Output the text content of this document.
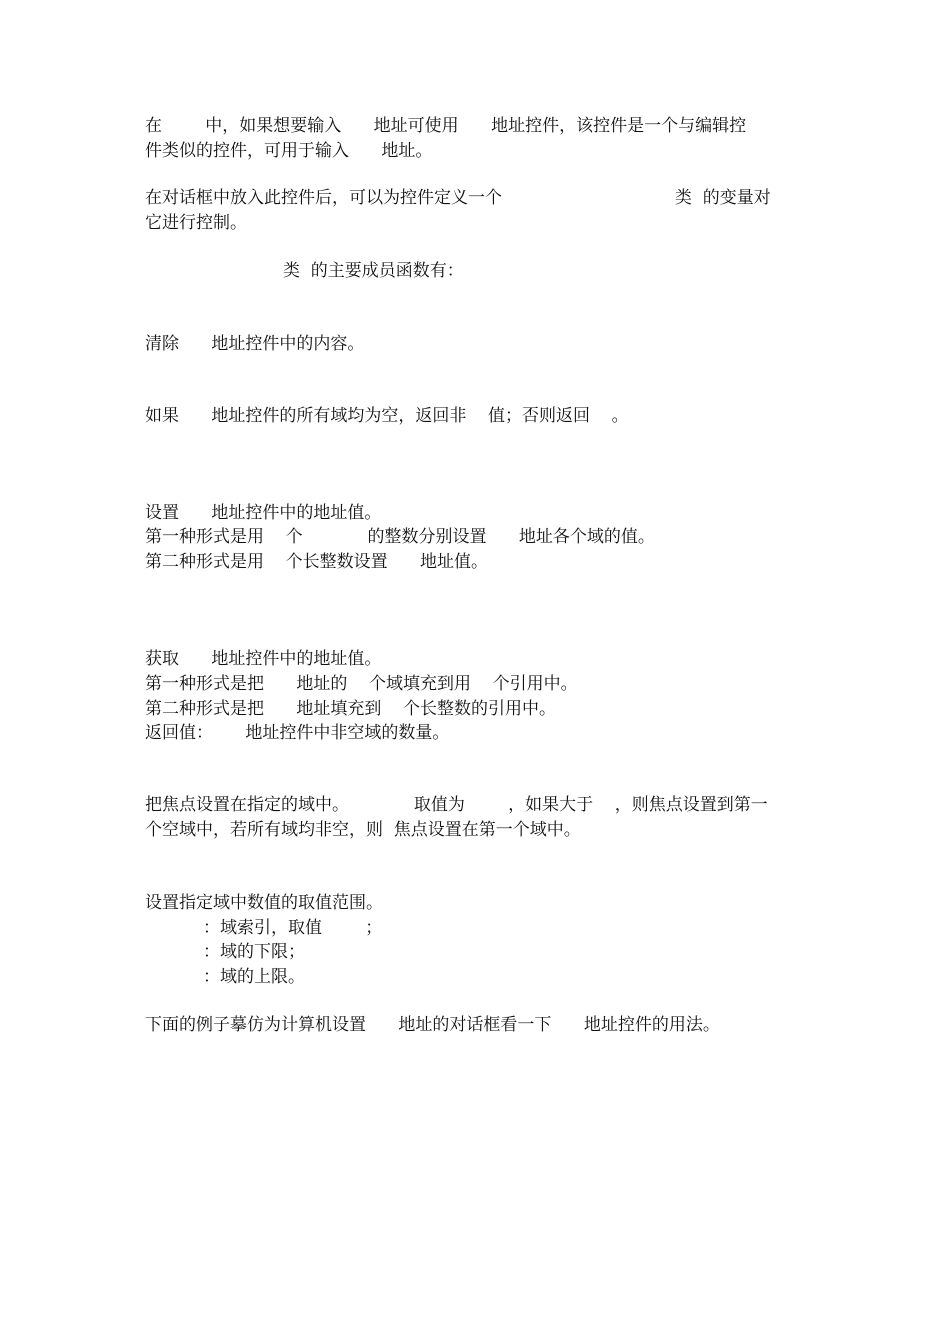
在        中，如果想要输入      地址可使用      地址控件，该控件是一个与编辑控
件类似的控件，可用于输入      地址。
在对话框中放入此控件后，可以为控件定义一个                                类  的变量对
它进行控制。
类  的主要成员函数有：
清除      地址控件中的内容。
如果      地址控件的所有域均为空，返回非    值；否则返回    。
设置      地址控件中的地址值。
第一种形式是用    个            的整数分别设置      地址各个域的值。
第二种形式是用    个长整数设置      地址值。
获取      地址控件中的地址值。
第一种形式是把      地址的    个域填充到用    个引用中。
第二种形式是把      地址填充到    个长整数的引用中。
返回值：      地址控件中非空域的数量。
把焦点设置在指定的域中。            取值为        ，如果大于    ，则焦点设置到第一
个空域中，若所有域均非空，则  焦点设置在第一个域中。
设置指定域中数值的取值范围。
：域索引，取值        ；
：域的下限；
：域的上限。
下面的例子摹仿为计算机设置      地址的对话框看一下      地址控件的用法。
